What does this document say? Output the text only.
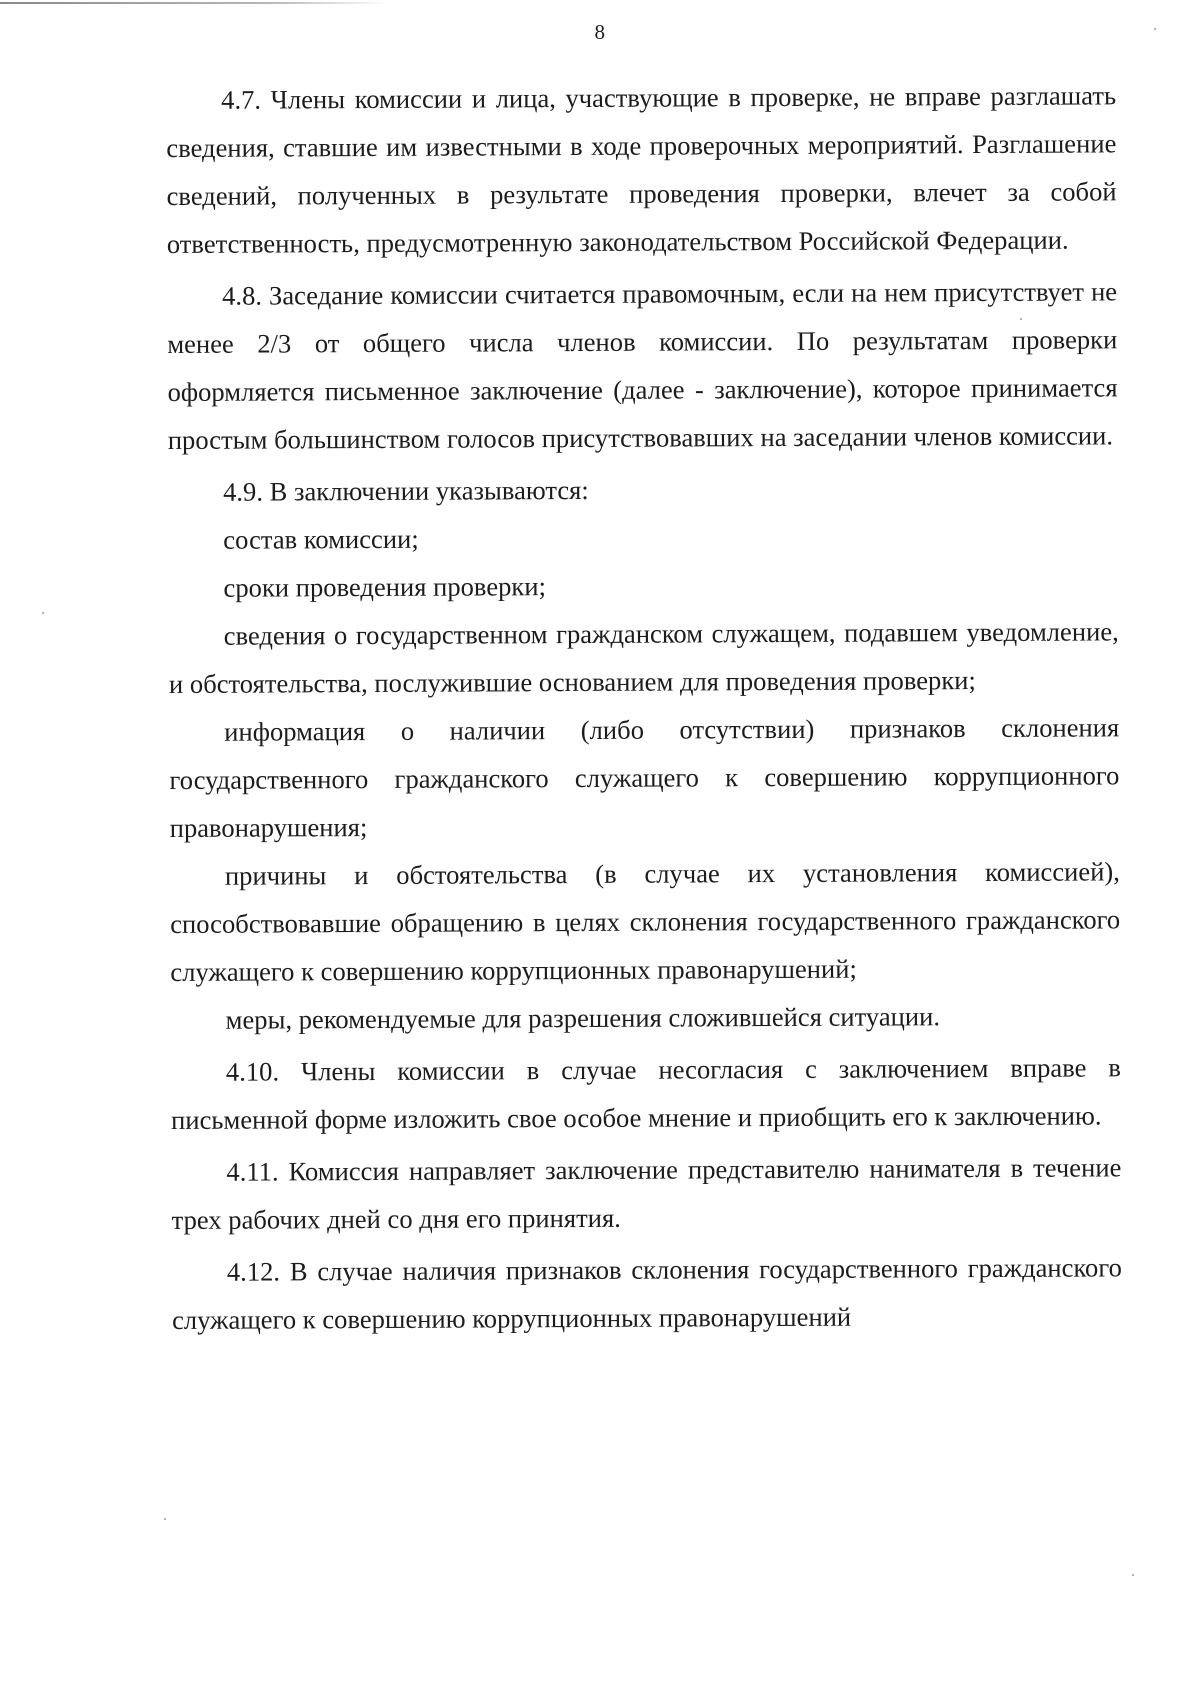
8

4.7. Члены комиссии и лица, участвующие в проверке, не вправе разглашать сведения, ставшие им известными в ходе проверочных мероприятий. Разглашение сведений, полученных в результате проведения проверки, влечет за собой ответственность, предусмотренную законодательством Российской Федерации.

4.8. Заседание комиссии считается правомочным, если на нем присутствует не менее 2/3 от общего числа членов комиссии. По результатам проверки оформляется письменное заключение (далее - заключение), которое принимается простым большинством голосов присутствовавших на заседании членов комиссии.

4.9. В заключении указываются:

состав комиссии;

сроки проведения проверки;

сведения о государственном гражданском служащем, подавшем уведомление, и обстоятельства, послужившие основанием для проведения проверки;

информация о наличии (либо отсутствии) признаков склонения государственного гражданского служащего к совершению коррупционного правонарушения;

причины и обстоятельства (в случае их установления комиссией), способствовавшие обращению в целях склонения государственного гражданского служащего к совершению коррупционных правонарушений;

меры, рекомендуемые для разрешения сложившейся ситуации.

4.10. Члены комиссии в случае несогласия с заключением вправе в письменной форме изложить свое особое мнение и приобщить его к заключению.

4.11. Комиссия направляет заключение представителю нанимателя в течение трех рабочих дней со дня его принятия.

4.12. В случае наличия признаков склонения государственного гражданского служащего к совершению коррупционных правонарушений
